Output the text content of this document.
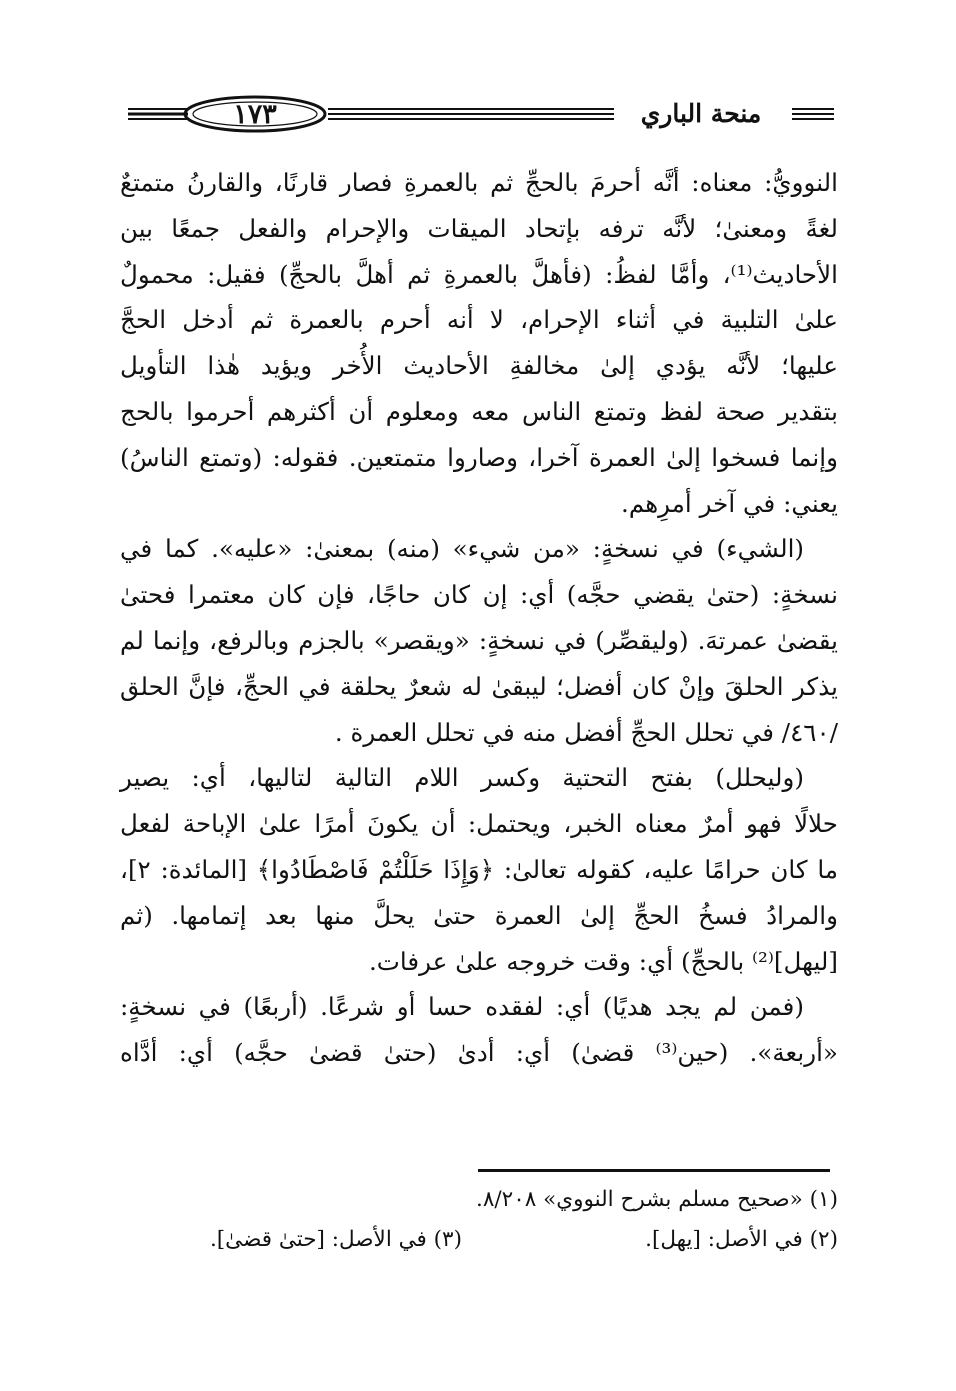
١٧٣	منحة الباري
النوويُّ: معناه: أنَّه أحرمَ بالحجِّ ثم بالعمرةِ فصار قارنًا، والقارنُ متمتعٌ
لغةً ومعنىٰ؛ لأنَّه ترفه بإتحاد الميقات والإحرام والفعل جمعًا بين
الأحاديث⁽¹⁾، وأمَّا لفظُ: (فأهلَّ بالعمرةِ ثم أهلَّ بالحجِّ) فقيل: محمولٌ
علىٰ التلبية في أثناء الإحرام، لا أنه أحرم بالعمرة ثم أدخل الحجَّ
عليها؛ لأنَّه يؤدي إلىٰ مخالفةِ الأحاديث الأُخر ويؤيد هٰذا التأويل
بتقدير صحة لفظ وتمتع الناس معه ومعلوم أن أكثرهم أحرموا بالحج
وإنما فسخوا إلىٰ العمرة آخرا، وصاروا متمتعين. فقوله: (وتمتع الناسُ)
يعني: في آخر أمرِهم.
(الشيء) في نسخةٍ: «من شيء» (منه) بمعنىٰ: «عليه». كما في
نسخةٍ: (حتىٰ يقضي حجَّه) أي: إن كان حاجًا، فإن كان معتمرا فحتىٰ
يقضىٰ عمرتهَ. (وليقصِّر) في نسخةٍ: «ويقصر» بالجزم وبالرفع، وإنما لم
يذكر الحلقَ وإنْ كان أفضل؛ ليبقىٰ له شعرٌ يحلقة في الحجِّ، فإنَّ الحلق
/٤٦٠/ في تحلل الحجِّ أفضل منه في تحلل العمرة .
(وليحلل) بفتح التحتية وكسر اللام التالية لتاليها، أي: يصير
حلالًا فهو أمرٌ معناه الخبر، ويحتمل: أن يكونَ أمرًا علىٰ الإباحة لفعل
ما كان حرامًا عليه، كقوله تعالىٰ: ﴿وَإِذَا حَلَلْتُمْ فَاصْطَادُوا﴾ [المائدة: ٢]،
والمرادُ فسخُ الحجِّ إلىٰ العمرة حتىٰ يحلَّ منها بعد إتمامها. (ثم
[ليهل]⁽²⁾ بالحجِّ) أي: وقت خروجه علىٰ عرفات.
(فمن لم يجد هديًا) أي: لفقده حسا أو شرعًا. (أربعًا) في نسخةٍ:
«أربعة». (حين⁽³⁾ قضىٰ) أي: أدىٰ (حتىٰ قضىٰ حجَّه) أي: أدَّاه
(١) «صحيح مسلم بشرح النووي» ٨/٢٠٨.
(٢) في الأصل: [يهل].
(٣) في الأصل: [حتىٰ قضىٰ].
